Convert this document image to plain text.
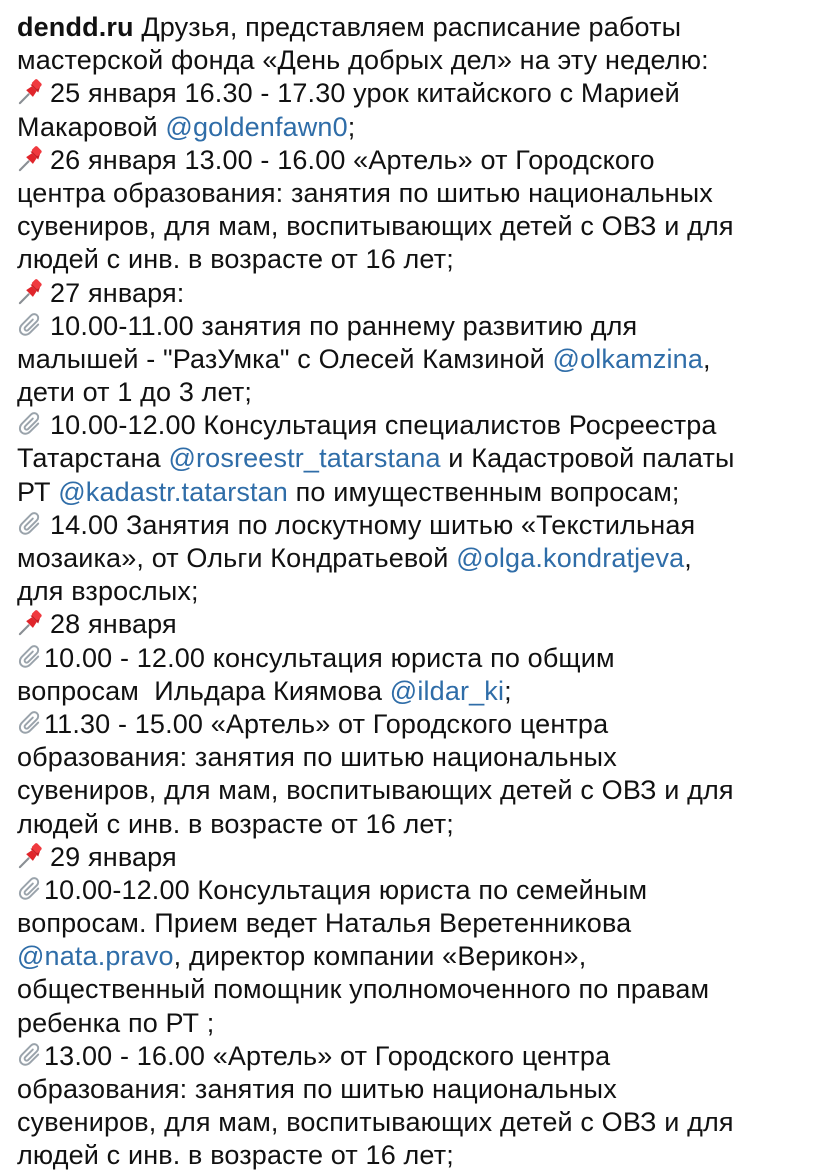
dendd.ru Друзья, представляем расписание работы
мастерской фонда «День добрых дел» на эту неделю:
25 января 16.30 - 17.30 урок китайского с Марией
Макаровой @goldenfawn0;
26 января 13.00 - 16.00 «Артель» от Городского
центра образования: занятия по шитью национальных
сувениров, для мам, воспитывающих детей с ОВЗ и для
людей с инв. в возрасте от 16 лет;
27 января:
10.00-11.00 занятия по раннему развитию для
малышей - "РазУмка" с Олесей Камзиной @olkamzina,
дети от 1 до 3 лет;
10.00-12.00 Консультация специалистов Росреестра
Татарстана @rosreestr_tatarstana и Кадастровой палаты
РТ @kadastr.tatarstan по имущественным вопросам;
14.00 Занятия по лоскутному шитью «Текстильная
мозаика», от Ольги Кондратьевой @olga.kondratjeva,
для взрослых;
28 января
10.00 - 12.00 консультация юриста по общим
вопросам  Ильдара Киямова @ildar_ki;
11.30 - 15.00 «Артель» от Городского центра
образования: занятия по шитью национальных
сувениров, для мам, воспитывающих детей с ОВЗ и для
людей с инв. в возрасте от 16 лет;
29 января
10.00-12.00 Консультация юриста по семейным
вопросам. Прием ведет Наталья Веретенникова
@nata.pravo, директор компании «Верикон»,
общественный помощник уполномоченного по правам
ребенка по РТ ;
13.00 - 16.00 «Артель» от Городского центра
образования: занятия по шитью национальных
сувениров, для мам, воспитывающих детей с ОВЗ и для
людей с инв. в возрасте от 16 лет;
